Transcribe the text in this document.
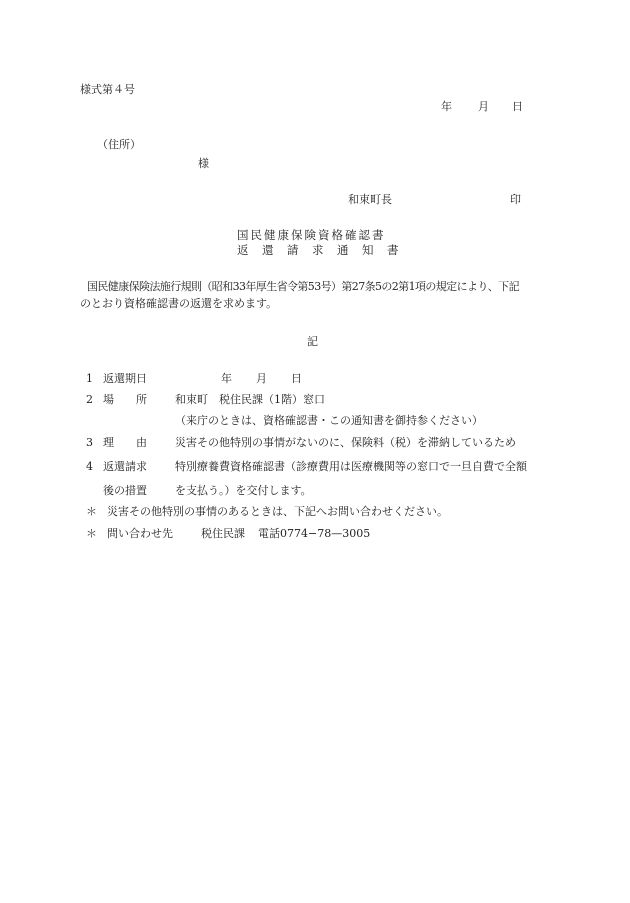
様式第４号
年 月 日
（住所）
様
和束町長	印
国民健康保険資格確認書
返　還　請　求　通　知　書
国民健康保険法施行規則（昭和33年厚生省令第53号）第27条5の2第1項の規定により、下記
のとおり資格確認書の返還を求めます。
記
1 返還期日	年 月 日
2 場　　所	和束町　税住民課（1階）窓口
（来庁のときは、資格確認書・この通知書を御持参ください）
3 理　　由	災害その他特別の事情がないのに、保険料（税）を滞納しているため
4 返還請求	特別療養費資格確認書（診療費用は医療機関等の窓口で一旦自費で全額
後の措置	を支払う。）を交付します。
＊ 災害その他特別の事情のあるときは、下記へお問い合わせください。
＊ 問い合わせ先	税住民課 電話0774−78—3005
